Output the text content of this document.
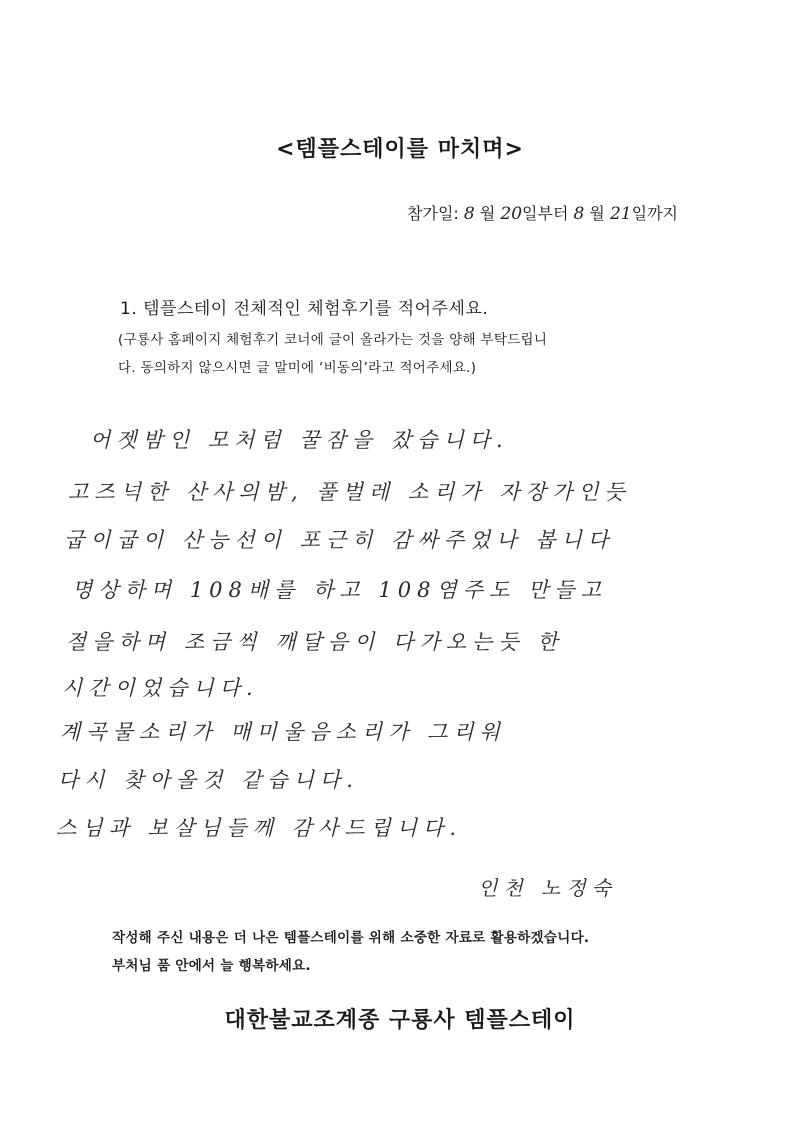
<템플스테이를 마치며>
참가일: 8 월 20일부터 8 월 21일까지
1. 템플스테이 전체적인 체험후기를 적어주세요.
(구룡사 홈페이지 체험후기 코너에 글이 올라가는 것을 양해 부탁드립니
다. 동의하지 않으시면 글 말미에 ‘비동의’라고 적어주세요.)
어젯밤인 모처럼 꿀잠을 잤습니다.
고즈넉한 산사의밤, 풀벌레 소리가 자장가인듯
굽이굽이 산능선이 포근히 감싸주었나 봅니다
명상하며 108배를 하고 108염주도 만들고
절을하며 조금씩 깨달음이 다가오는듯 한
시간이었습니다.
계곡물소리가 매미울음소리가 그리워
다시 찾아올것 같습니다.
스님과 보살님들께 감사드립니다.
인천 노정숙
작성해 주신 내용은 더 나은 템플스테이를 위해 소중한 자료로 활용하겠습니다.
부처님 품 안에서 늘 행복하세요.
대한불교조계종 구룡사 템플스테이
